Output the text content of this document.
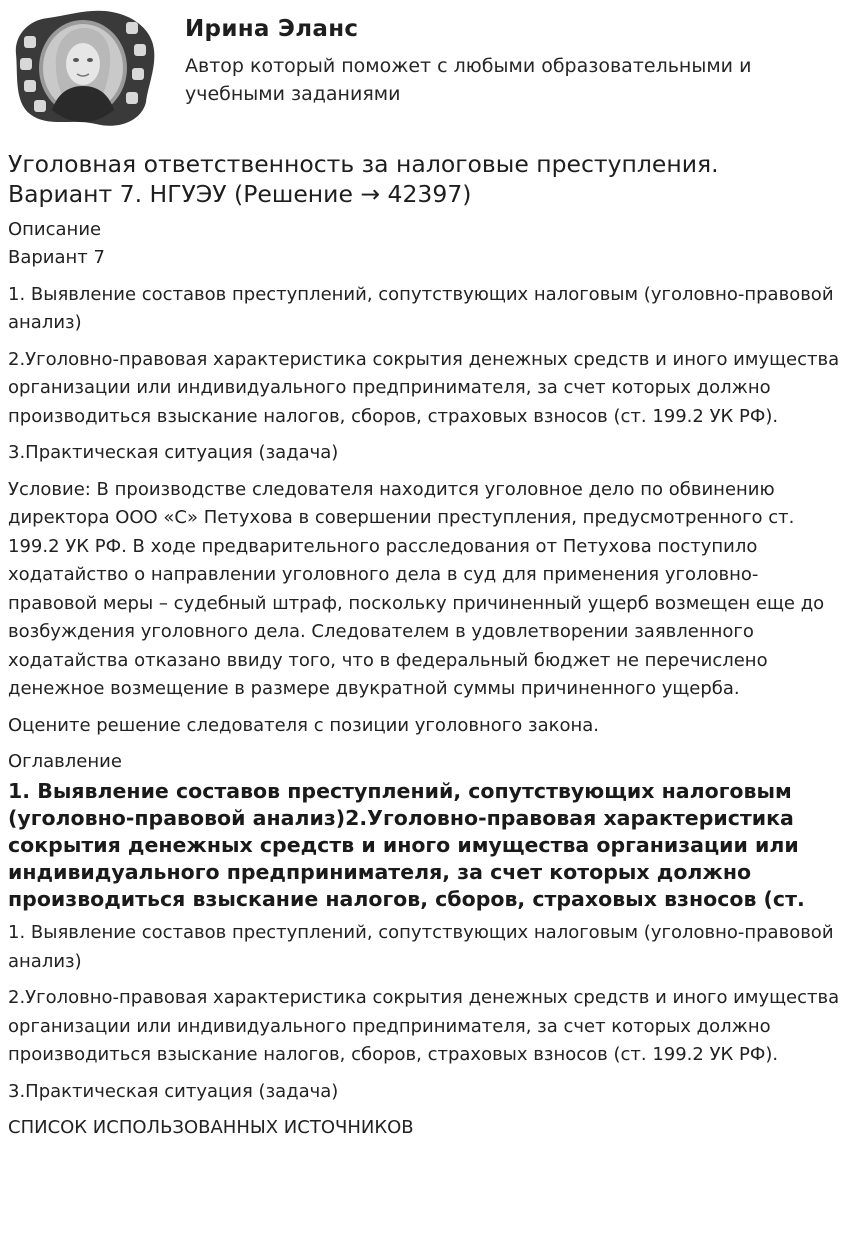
Ирина Эланс
Автор который поможет с любыми образовательными и учебными заданиями
Уголовная ответственность за налоговые преступления. Вариант 7. НГУЭУ (Решение → 42397)

Описание

Вариант 7

1. Выявление составов преступлений, сопутствующих налоговым (уголовно-правовой анализ)

2.Уголовно-правовая характеристика сокрытия денежных средств и иного имущества организации или индивидуального предпринимателя, за счет которых должно производиться взыскание налогов, сборов, страховых взносов (ст. 199.2 УК РФ).

3.Практическая ситуация (задача)

Условие: В производстве следователя находится уголовное дело по обвинению директора ООО «С» Петухова в совершении преступления, предусмотренного ст. 199.2 УК РФ. В ходе предварительного расследования от Петухова поступило ходатайство о направлении уголовного дела в суд для применения уголовно-правовой меры – судебный штраф, поскольку причиненный ущерб возмещен еще до возбуждения уголовного дела. Следователем в удовлетворении заявленного ходатайства отказано ввиду того, что в федеральный бюджет не перечислено денежное возмещение в размере двукратной суммы причиненного ущерба.

Оцените решение следователя с позиции уголовного закона.

Оглавление

1. Выявление составов преступлений, сопутствующих налоговым (уголовно-правовой анализ)2.Уголовно-правовая характеристика сокрытия денежных средств и иного имущества организации или индивидуального предпринимателя, за счет которых должно производиться взыскание налогов, сборов, страховых взносов (ст.

1. Выявление составов преступлений, сопутствующих налоговым (уголовно-правовой анализ)

2.Уголовно-правовая характеристика сокрытия денежных средств и иного имущества организации или индивидуального предпринимателя, за счет которых должно производиться взыскание налогов, сборов, страховых взносов (ст. 199.2 УК РФ).

3.Практическая ситуация (задача)

СПИСОК ИСПОЛЬЗОВАННЫХ ИСТОЧНИКОВ
